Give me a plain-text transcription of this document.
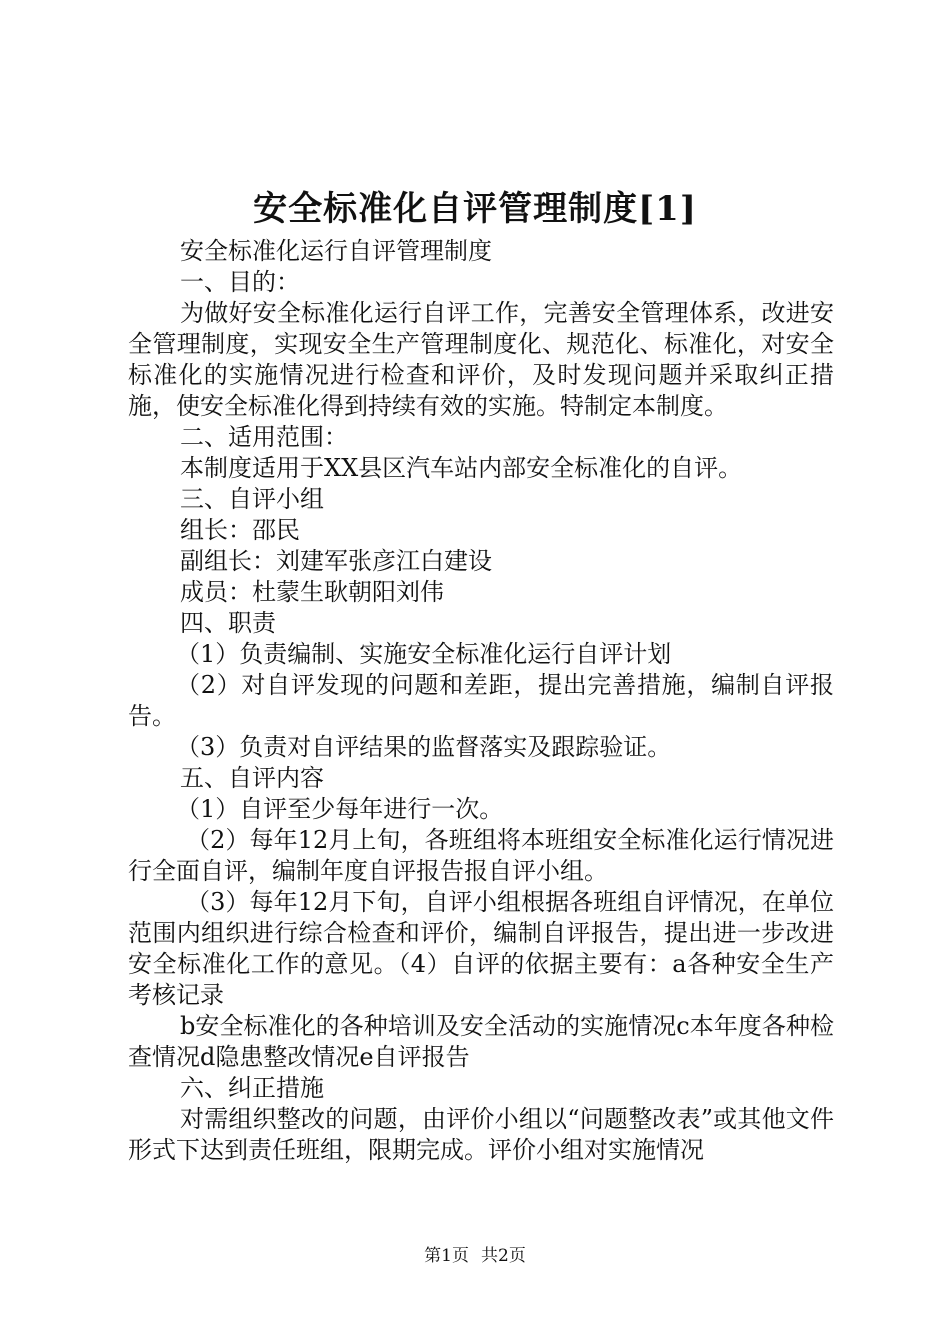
安全标准化自评管理制度[1]

安全标准化运行自评管理制度

一、目的：

为做好安全标准化运行自评工作，完善安全管理体系，改进安全管理制度，实现安全生产管理制度化、规范化、标准化，对安全标准化的实施情况进行检查和评价，及时发现问题并采取纠正措施，使安全标准化得到持续有效的实施。特制定本制度。

二、适用范围：

本制度适用于XX县区汽车站内部安全标准化的自评。

三、自评小组

组长：邵民

副组长：刘建军张彦江白建设

成员：杜蒙生耿朝阳刘伟

四、职责

（1）负责编制、实施安全标准化运行自评计划

（2）对自评发现的问题和差距，提出完善措施，编制自评报告。

（3）负责对自评结果的监督落实及跟踪验证。

五、自评内容

（1）自评至少每年进行一次。

（2）每年12月上旬，各班组将本班组安全标准化运行情况进行全面自评，编制年度自评报告报自评小组。

（3）每年12月下旬，自评小组根据各班组自评情况，在单位范围内组织进行综合检查和评价，编制自评报告，提出进一步改进安全标准化工作的意见。（4）自评的依据主要有：a各种安全生产考核记录

b安全标准化的各种培训及安全活动的实施情况c本年度各种检查情况d隐患整改情况e自评报告

六、纠正措施

对需组织整改的问题，由评价小组以“问题整改表”或其他文件形式下达到责任班组，限期完成。评价小组对实施情况

第1页 共2页
